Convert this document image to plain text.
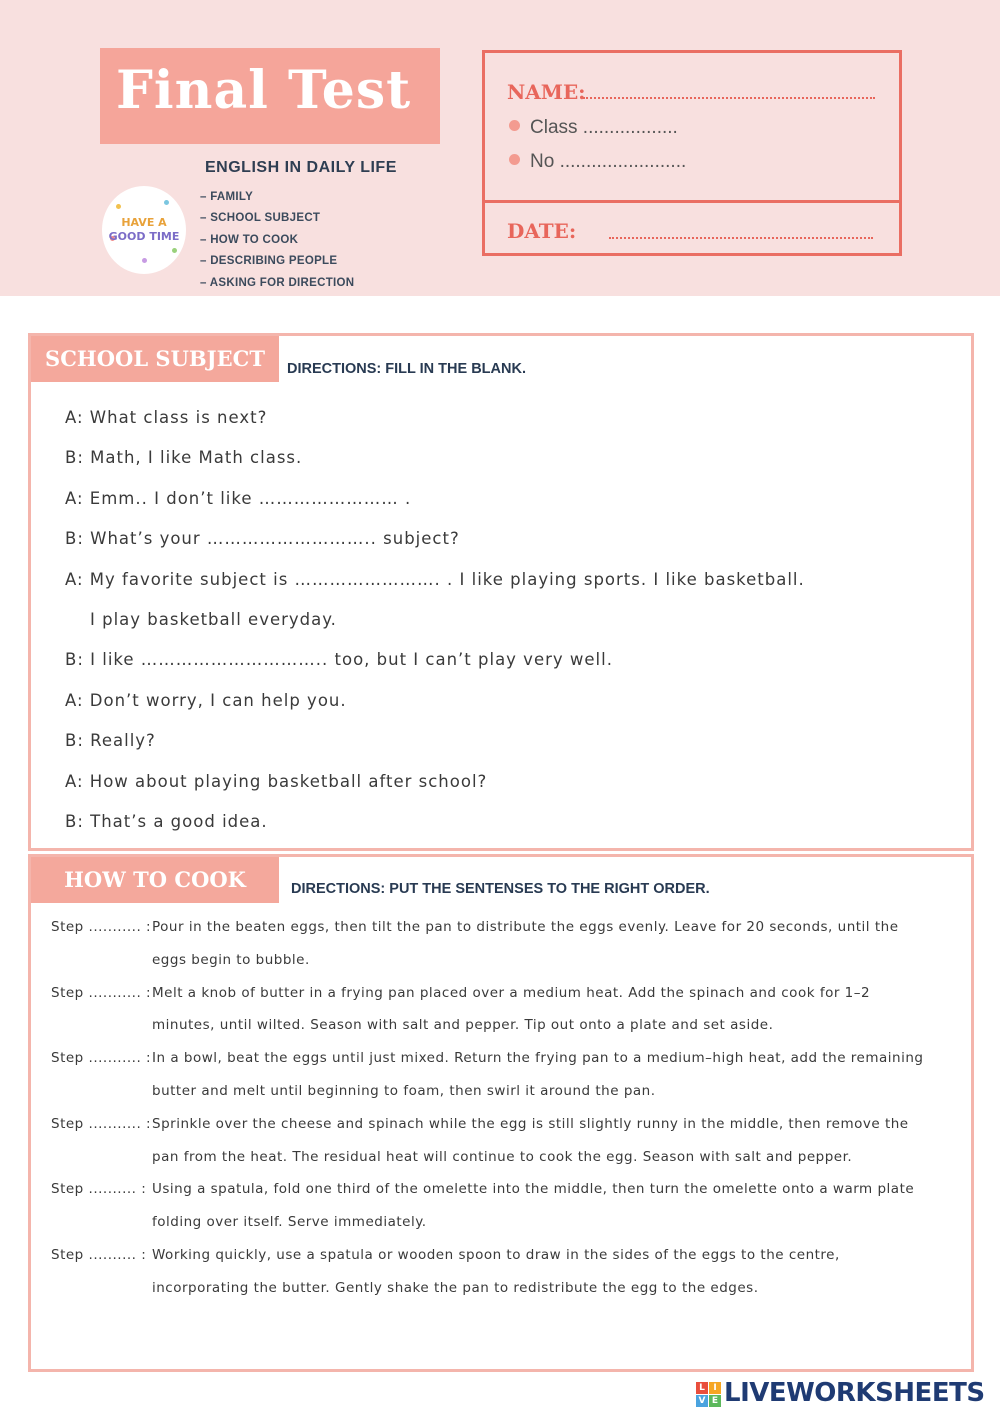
Final Test
ENGLISH IN DAILY LIFE
– FAMILY
– SCHOOL SUBJECT
– HOW TO COOK
– DESCRIBING PEOPLE
– ASKING FOR DIRECTION
HAVE A
GOOD TIME
NAME:
Class ..................
No ........................
DATE:
SCHOOL SUBJECT	DIRECTIONS: FILL IN THE BLANK.
A: What class is next?
B: Math, I like Math class.
A: Emm.. I don’t like …………………… .
B: What’s your ……………………….. subject?
A: My favorite subject is ……………………. . I like playing sports. I like basketball.
I play basketball everyday.
B: I like ………………………….. too, but I can’t play very well.
A: Don’t worry, I can help you.
B: Really?
A: How about playing basketball after school?
B: That’s a good idea.
HOW TO COOK	DIRECTIONS: PUT THE SENTENSES TO THE RIGHT ORDER.
Step ........... : Pour in the beaten eggs, then tilt the pan to distribute the eggs evenly. Leave for 20 seconds, until the eggs begin to bubble.
Step ........... : Melt a knob of butter in a frying pan placed over a medium heat. Add the spinach and cook for 1–2 minutes, until wilted. Season with salt and pepper. Tip out onto a plate and set aside.
Step ........... : In a bowl, beat the eggs until just mixed. Return the frying pan to a medium–high heat, add the remaining butter and melt until beginning to foam, then swirl it around the pan.
Step ........... : Sprinkle over the cheese and spinach while the egg is still slightly runny in the middle, then remove the pan from the heat. The residual heat will continue to cook the egg. Season with salt and pepper.
Step .......... : Using a spatula, fold one third of the omelette into the middle, then turn the omelette onto a warm plate folding over itself. Serve immediately.
Step .......... : Working quickly, use a spatula or wooden spoon to draw in the sides of the eggs to the centre, incorporating the butter. Gently shake the pan to redistribute the egg to the edges.
L I
V E LIVEWORKSHEETS
